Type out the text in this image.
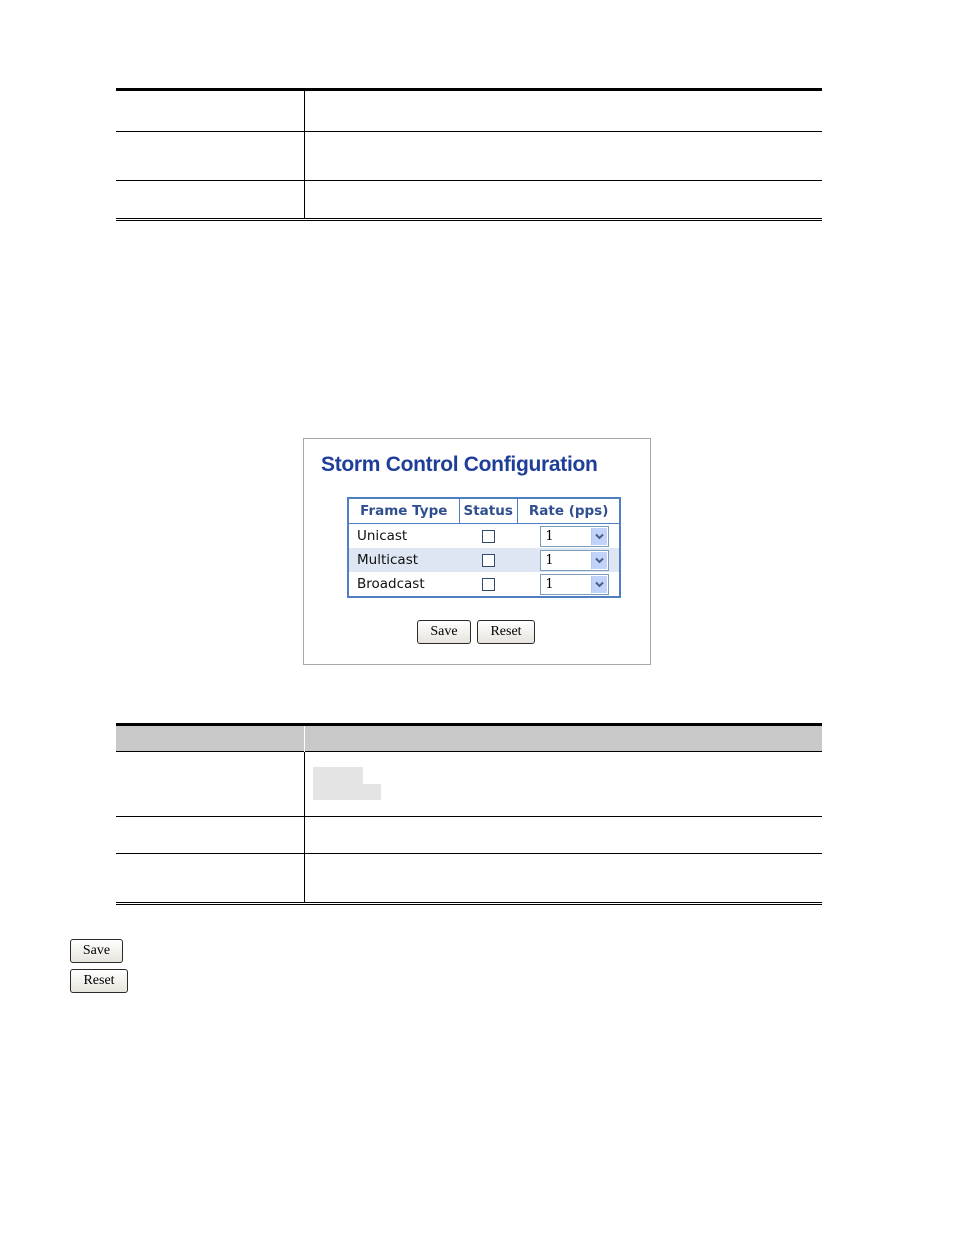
Storm Control Configuration
Frame Type	Status	Rate (pps)
Unicast		1

Multicast		1

Broadcast		1
Save	Reset

Save
Reset
